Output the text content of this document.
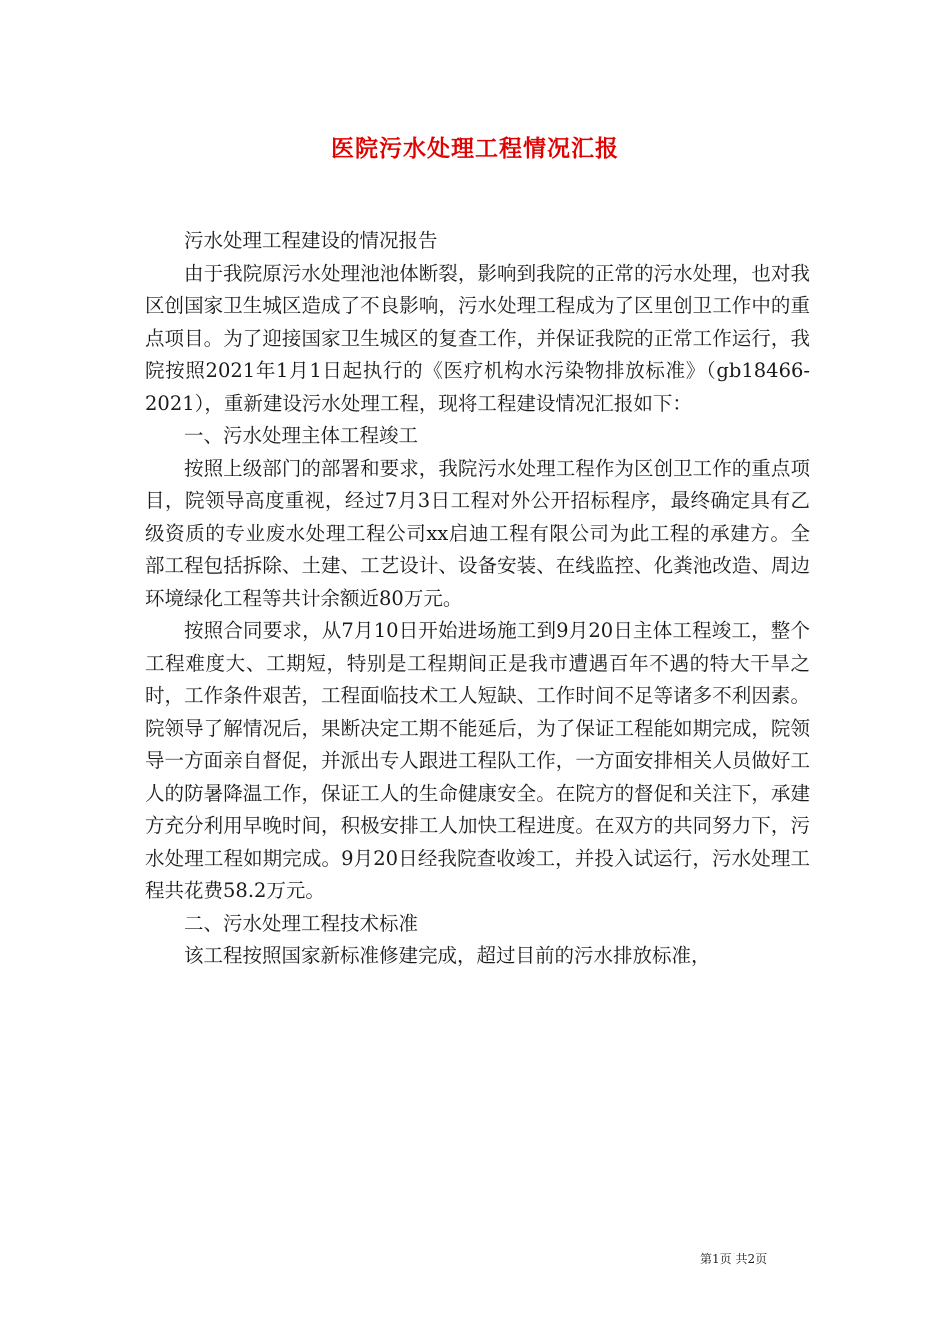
医院污水处理工程情况汇报

污水处理工程建设的情况报告

由于我院原污水处理池池体断裂，影响到我院的正常的污水处理，也对我区创国家卫生城区造成了不良影响，污水处理工程成为了区里创卫工作中的重点项目。为了迎接国家卫生城区的复查工作，并保证我院的正常工作运行，我院按照2021年1月1日起执行的《医疗机构水污染物排放标准》（gb18466-2021），重新建设污水处理工程，现将工程建设情况汇报如下：

一、污水处理主体工程竣工

按照上级部门的部署和要求，我院污水处理工程作为区创卫工作的重点项目，院领导高度重视，经过7月3日工程对外公开招标程序，最终确定具有乙级资质的专业废水处理工程公司xx启迪工程有限公司为此工程的承建方。全部工程包括拆除、土建、工艺设计、设备安装、在线监控、化粪池改造、周边环境绿化工程等共计余额近80万元。

按照合同要求，从7月10日开始进场施工到9月20日主体工程竣工，整个工程难度大、工期短，特别是工程期间正是我市遭遇百年不遇的特大干旱之时，工作条件艰苦，工程面临技术工人短缺、工作时间不足等诸多不利因素。院领导了解情况后，果断决定工期不能延后，为了保证工程能如期完成，院领导一方面亲自督促，并派出专人跟进工程队工作，一方面安排相关人员做好工人的防暑降温工作，保证工人的生命健康安全。在院方的督促和关注下，承建方充分利用早晚时间，积极安排工人加快工程进度。在双方的共同努力下，污水处理工程如期完成。9月20日经我院查收竣工，并投入试运行，污水处理工程共花费58.2万元。

二、污水处理工程技术标准

该工程按照国家新标准修建完成，超过目前的污水排放标准，

第1页 共2页
